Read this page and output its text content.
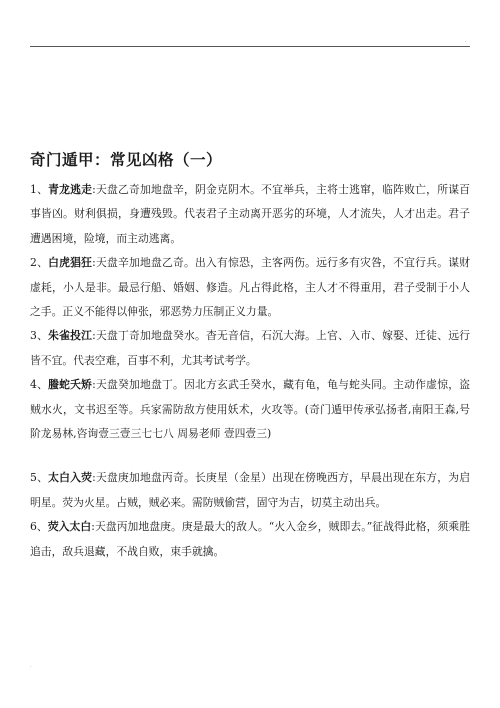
.
奇门遁甲：常见凶格（一）

1、青龙逃走:天盘乙奇加地盘辛，阴金克阴木。不宜举兵，主将士逃窜，临阵败亡，所谋百事皆凶。财利俱损，身遭残毁。代表君子主动离开恶劣的环境，人才流失，人才出走。君子遭遇困境，险境，而主动逃离。

2、白虎猖狂:天盘辛加地盘乙奇。出入有惊恐，主客两伤。远行多有灾咎，不宜行兵。谋财虚耗，小人是非。最忌行船、婚姻、修造。凡占得此格，主人才不得重用，君子受制于小人之手。正义不能得以伸张，邪恶势力压制正义力量。

3、朱雀投江:天盘丁奇加地盘癸水。杳无音信，石沉大海。上官、入市、嫁娶、迁徒、远行皆不宜。代表空难，百事不利，尤其考试考学。

4、螣蛇夭矫:天盘癸加地盘丁。因北方玄武壬癸水，藏有龟，龟与蛇头同。主动作虚惊，盗贼水火，文书迟至等。兵家需防敌方使用妖术，火攻等。(奇门遁甲传承弘扬者,南阳王森,号阶龙易林,咨询壹三壹三七七八 周易老师 壹四壹三)

5、太白入荧:天盘庚加地盘丙奇。长庚星（金星）出现在傍晚西方，早晨出现在东方，为启明星。荧为火星。占贼，贼必来。需防贼偷营，固守为吉，切莫主动出兵。

6、荧入太白:天盘丙加地盘庚。庚是最大的敌人。“火入金乡，贼即去。”征战得此格，须乘胜追击，敌兵退藏，不战自败，束手就擒。

.
